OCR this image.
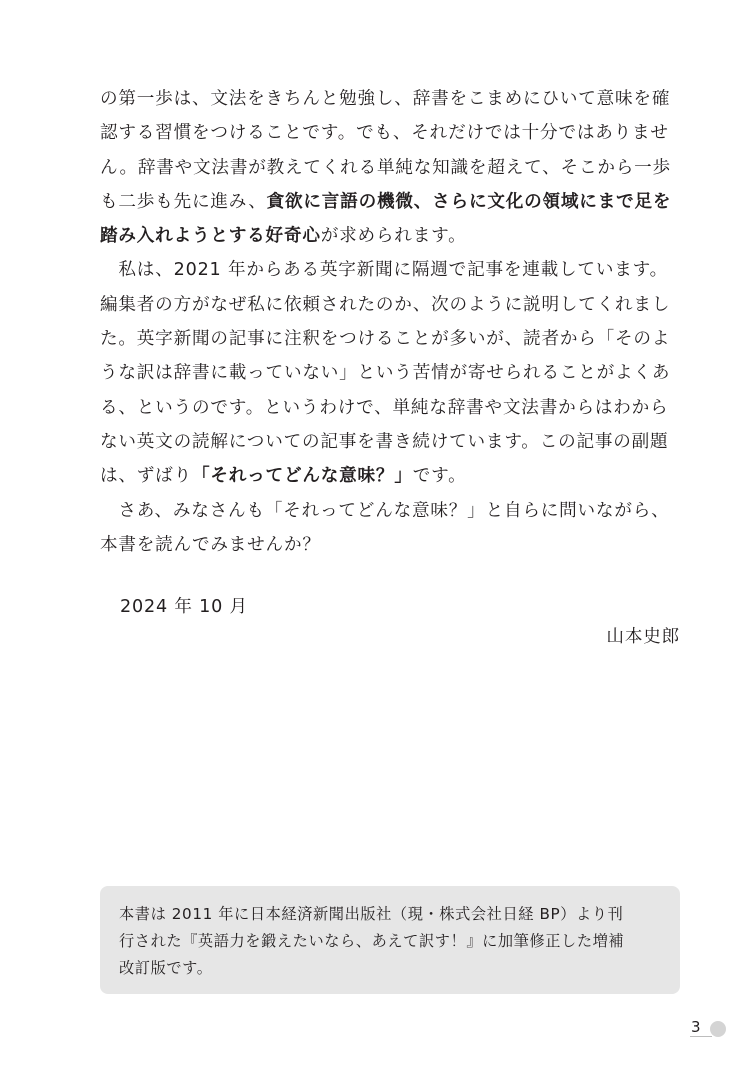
の第一歩は、文法をきちんと勉強し、辞書をこまめにひいて意味を確
認する習慣をつけることです。でも、それだけでは十分ではありませ
ん。辞書や文法書が教えてくれる単純な知識を超えて、そこから一歩
も二歩も先に進み、貪欲に言語の機微、さらに文化の領域にまで足を
踏み入れようとする好奇心が求められます。
　私は、2021 年からある英字新聞に隔週で記事を連載しています。
編集者の方がなぜ私に依頼されたのか、次のように説明してくれまし
た。英字新聞の記事に注釈をつけることが多いが、読者から「そのよ
うな訳は辞書に載っていない」という苦情が寄せられることがよくあ
る、というのです。というわけで、単純な辞書や文法書からはわから
ない英文の読解についての記事を書き続けています。この記事の副題
は、ずばり「それってどんな意味？」です。
　さあ、みなさんも「それってどんな意味？」と自らに問いながら、
本書を読んでみませんか？
2024 年 10 月
山本史郎
本書は 2011 年に日本経済新聞出版社（現・株式会社日経 BP）より刊
行された『英語力を鍛えたいなら、あえて訳す！』に加筆修正した増補
改訂版です。
3
